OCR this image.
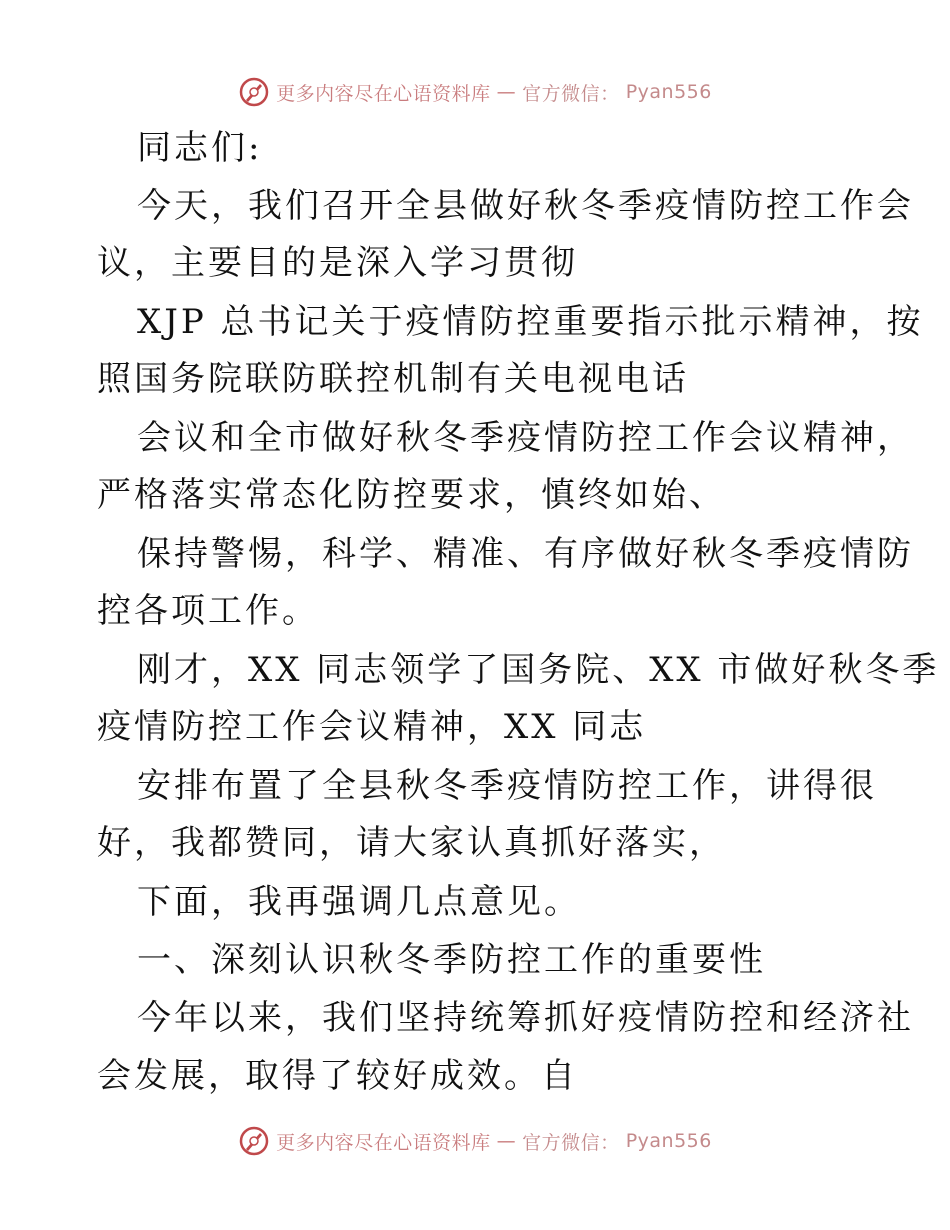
更多内容尽在心语资料库 — 官方微信： Pyan556
同志们:
今天，我们召开全县做好秋冬季疫情防控工作会
议，主要目的是深入学习贯彻
XJP 总书记关于疫情防控重要指示批示精神，按
照国务院联防联控机制有关电视电话
会议和全市做好秋冬季疫情防控工作会议精神，
严格落实常态化防控要求，慎终如始、
保持警惕，科学、精准、有序做好秋冬季疫情防
控各项工作。
刚才，XX 同志领学了国务院、XX 市做好秋冬季
疫情防控工作会议精神，XX 同志
安排布置了全县秋冬季疫情防控工作，讲得很
好，我都赞同，请大家认真抓好落实，
下面，我再强调几点意见。
一、深刻认识秋冬季防控工作的重要性
今年以来，我们坚持统筹抓好疫情防控和经济社
会发展，取得了较好成效。自
更多内容尽在心语资料库 — 官方微信： Pyan556
